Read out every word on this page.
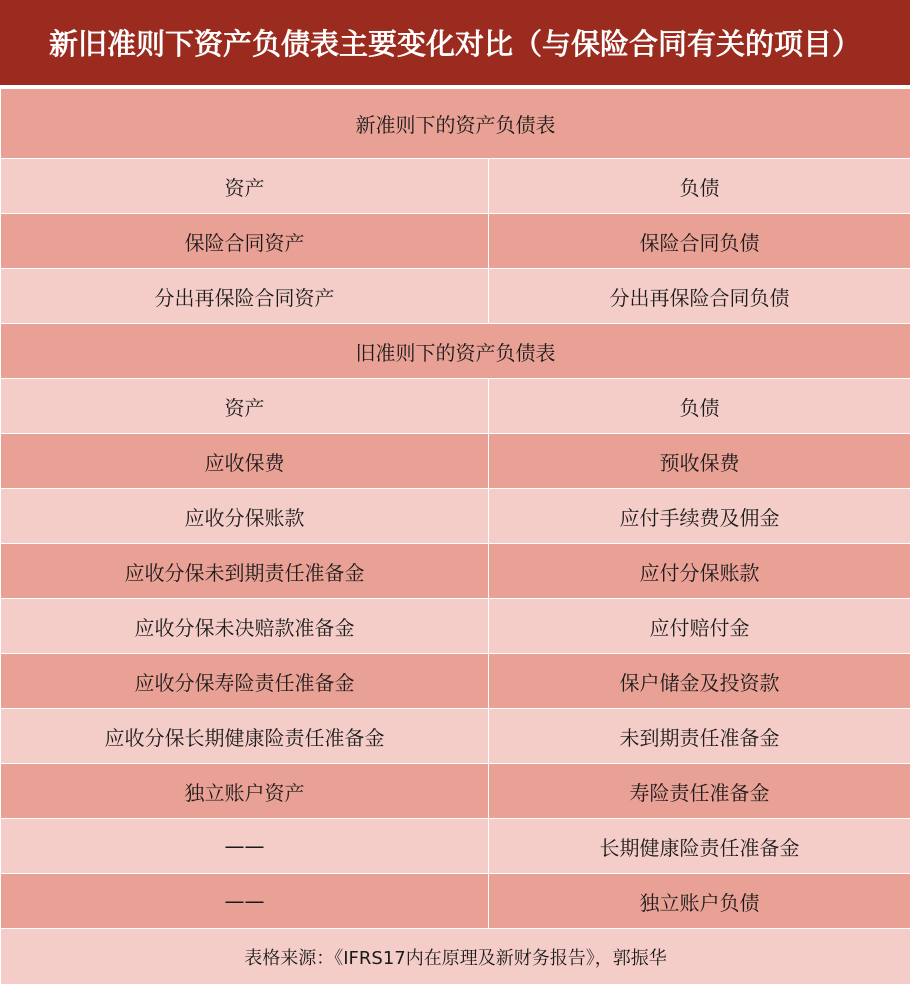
新旧准则下资产负债表主要变化对比（与保险合同有关的项目）
新准则下的资产负债表	
资产	负债
保险合同资产	保险合同负债
分出再保险合同资产	分出再保险合同负债
旧准则下的资产负债表	
资产	负债
应收保费	预收保费
应收分保账款	应付手续费及佣金
应收分保未到期责任准备金	应付分保账款
应收分保未决赔款准备金	应付赔付金
应收分保寿险责任准备金	保户储金及投资款
应收分保长期健康险责任准备金	未到期责任准备金
独立账户资产	寿险责任准备金
——	长期健康险责任准备金
——	独立账户负债
表格来源：《IFRS17内在原理及新财务报告》，郭振华	
